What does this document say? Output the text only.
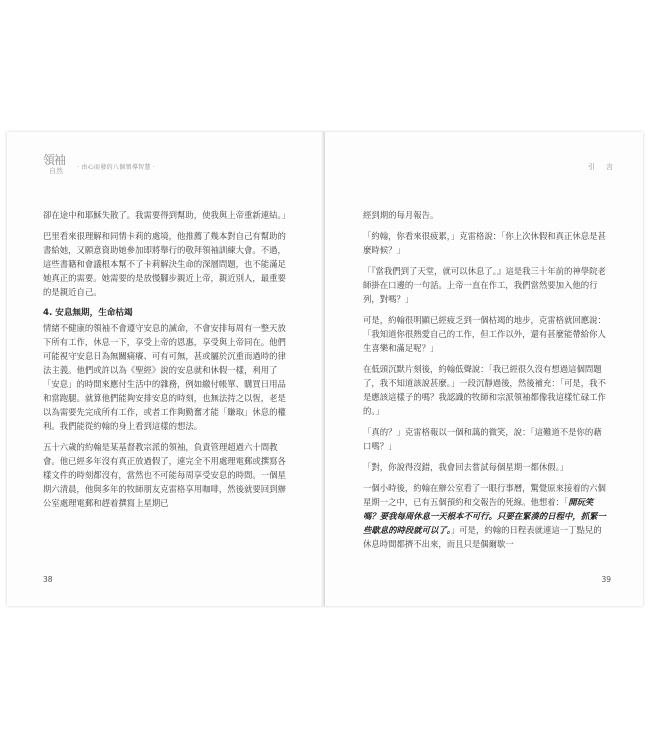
領袖
自然 ‧ 由心而發的八個領導智慧 ‧

卻在途中和耶穌失散了。我需要得到幫助，使我與上帝重新連結。」

巴里看來很理解和同情卡莉的處境，他推薦了幾本對自己有幫助的書給她，又願意資助她參加即將舉行的敬拜領袖訓練大會。不過，這些書籍和會議根本幫不了卡莉解決生命的深層問題，也不能滿足她真正的需要。她需要的是放慢腳步親近上帝，親近別人，最重要的是親近自己。

4. 安息無期，生命枯竭

情緒不健康的領袖不會遵守安息的誡命，不會安排每周有一整天放下所有工作，休息一下，享受上帝的恩惠，享受與上帝同在。他們可能視守安息日為無關痛癢、可有可無，甚或屬於沉重而過時的律法主義。他們或許以為《聖經》說的安息就和休假一樣，利用了「安息」的時間來應付生活中的雜務，例如繳付帳單、購買日用品和當跑腿。就算他們能夠安排安息的時刻，也無法持之以恆，老是以為需要先完成所有工作，或者工作夠勤奮才能「賺取」休息的權利。我們能從約翰的身上看到這樣的想法。

五十六歲的約翰是某基督教宗派的領袖，負責管理超過六十間教會。他已經多年沒有真正放過假了，連完全不用處理電郵或撰寫各樣文件的時刻都沒有，當然也不可能每周享受安息的時間。一個星期六清晨，他與多年的牧師朋友克雷格享用咖啡，然後就要回到辦公室處理電郵和趕着撰寫上星期已

38
引　言

經到期的每月報告。

「約翰，你看來很疲累，」克雷格說：「你上次休假和真正休息是甚麼時候？」

「『當我們到了天堂，就可以休息了。』這是我三十年前的神學院老師掛在口邊的一句話。上帝一直在作工，我們當然要加入他的行列，對嗎？」

可是，約翰很明顯已經疲乏到一個枯竭的地步，克雷格就回應說：「我知道你很熱愛自己的工作，但工作以外，還有甚麼能帶給你人生喜樂和滿足呢？」

在低頭沉默片刻後，約翰低聲說：「我已經很久沒有想過這個問題了，我不知道該說甚麼。」一段沉靜過後，然後補充：「可是，我不是應該這樣子的嗎？我認識的牧師和宗派領袖都像我這樣忙碌工作的。」

「真的？」克雷格報以一個和藹的微笑，說：「這難道不是你的藉口嗎？」

「對，你說得沒錯，我會回去嘗試每個星期一都休假。」

一個小時後，約翰在辦公室看了一眼行事曆，驚覺原來接着的六個星期一之中，已有五個預約和交報告的死線。他想着：「開玩笑嗎？要我每周休息一天根本不可行。只要在緊湊的日程中，抓緊一些歇息的時段就可以了。」可是，約翰的日程表就連這一丁點兒的休息時間都擠不出來，而且只是偶爾歇一

39
